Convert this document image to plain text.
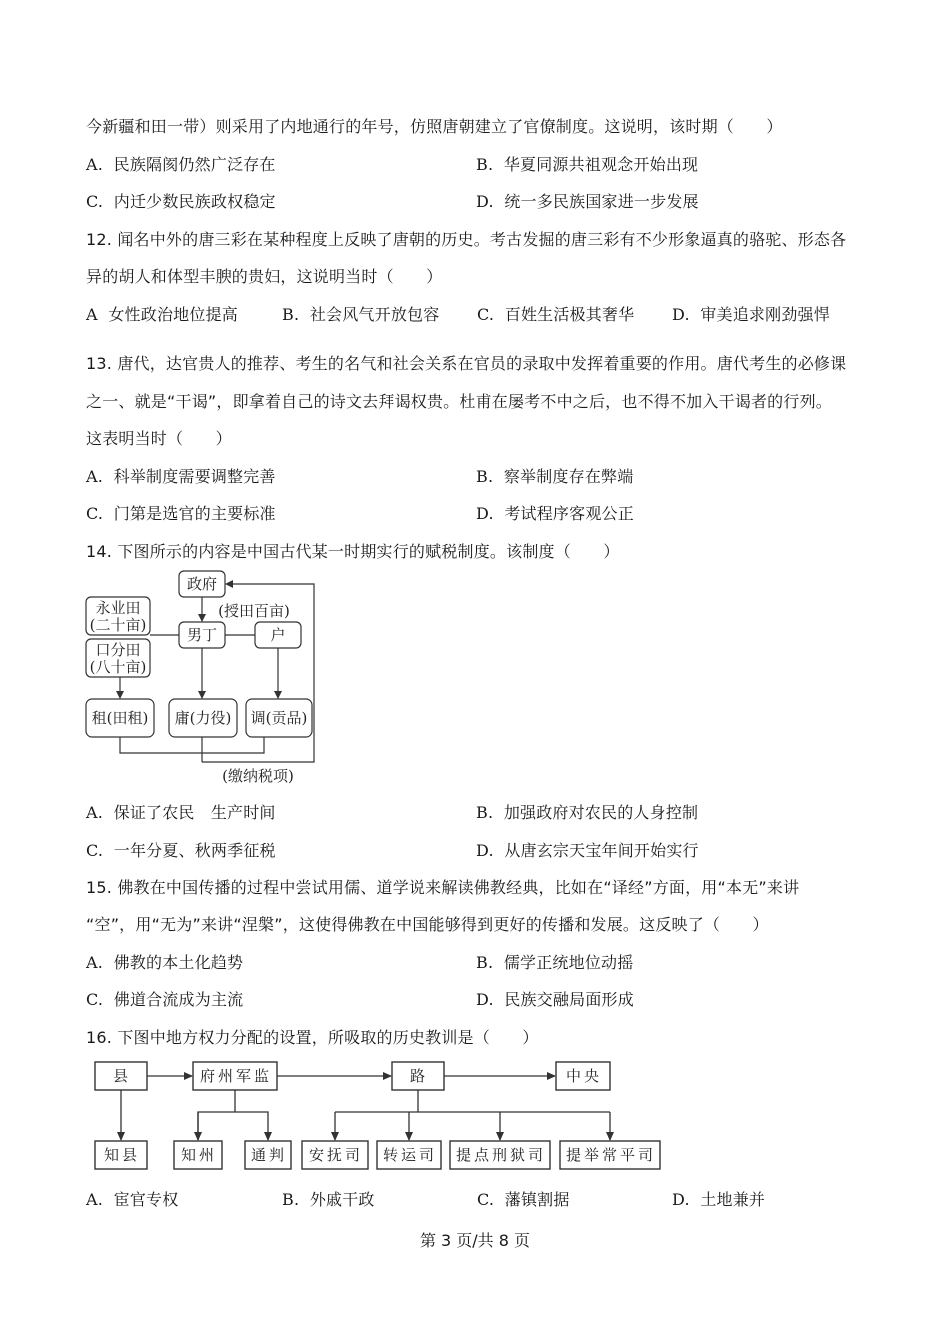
今新疆和田一带）则采用了内地通行的年号，仿照唐朝建立了官僚制度。这说明，该时期（　　）
A. 民族隔阂仍然广泛存在	B. 华夏同源共祖观念开始出现
C. 内迁少数民族政权稳定	D. 统一多民族国家进一步发展
12. 闻名中外的唐三彩在某种程度上反映了唐朝的历史。考古发掘的唐三彩有不少形象逼真的骆驼、形态各
异的胡人和体型丰腴的贵妇，这说明当时（　　）
A 女性政治地位提高	B. 社会风气开放包容 C. 百姓生活极其奢华 D. 审美追求刚劲强悍
13. 唐代，达官贵人的推荐、考生的名气和社会关系在官员的录取中发挥着重要的作用。唐代考生的必修课
之一、就是“干谒”，即拿着自己的诗文去拜谒权贵。杜甫在屡考不中之后，也不得不加入干谒者的行列。
这表明当时（　　）
A. 科举制度需要调整完善	B. 察举制度存在弊端
C. 门第是选官的主要标准	D. 考试程序客观公正
14. 下图所示的内容是中国古代某一时期实行的赋税制度。该制度（　　）
政府
(授田百亩)
永业田
(二十亩)
口分田
(八十亩)
男丁	户
租(田租) 庸(力役) 调(贡品)
(缴纳税项)
A. 保证了农民　生产时间	B. 加强政府对农民的人身控制
C. 一年分夏、秋两季征税	D. 从唐玄宗天宝年间开始实行
15. 佛教在中国传播的过程中尝试用儒、道学说来解读佛教经典，比如在“译经”方面，用“本无”来讲
“空”，用“无为”来讲“涅槃”，这使得佛教在中国能够得到更好的传播和发展。这反映了（　　）
A. 佛教的本土化趋势	B. 儒学正统地位动摇
C. 佛道合流成为主流	D. 民族交融局面形成
16. 下图中地方权力分配的设置，所吸取的历史教训是（　　）
县	府州军监	路	中央
知县	知州 通判 安抚司 转运司 提点刑狱司 提举常平司
A. 宦官专权	B. 外戚干政	C. 藩镇割据	D. 土地兼并
第 3 页/共 8 页
